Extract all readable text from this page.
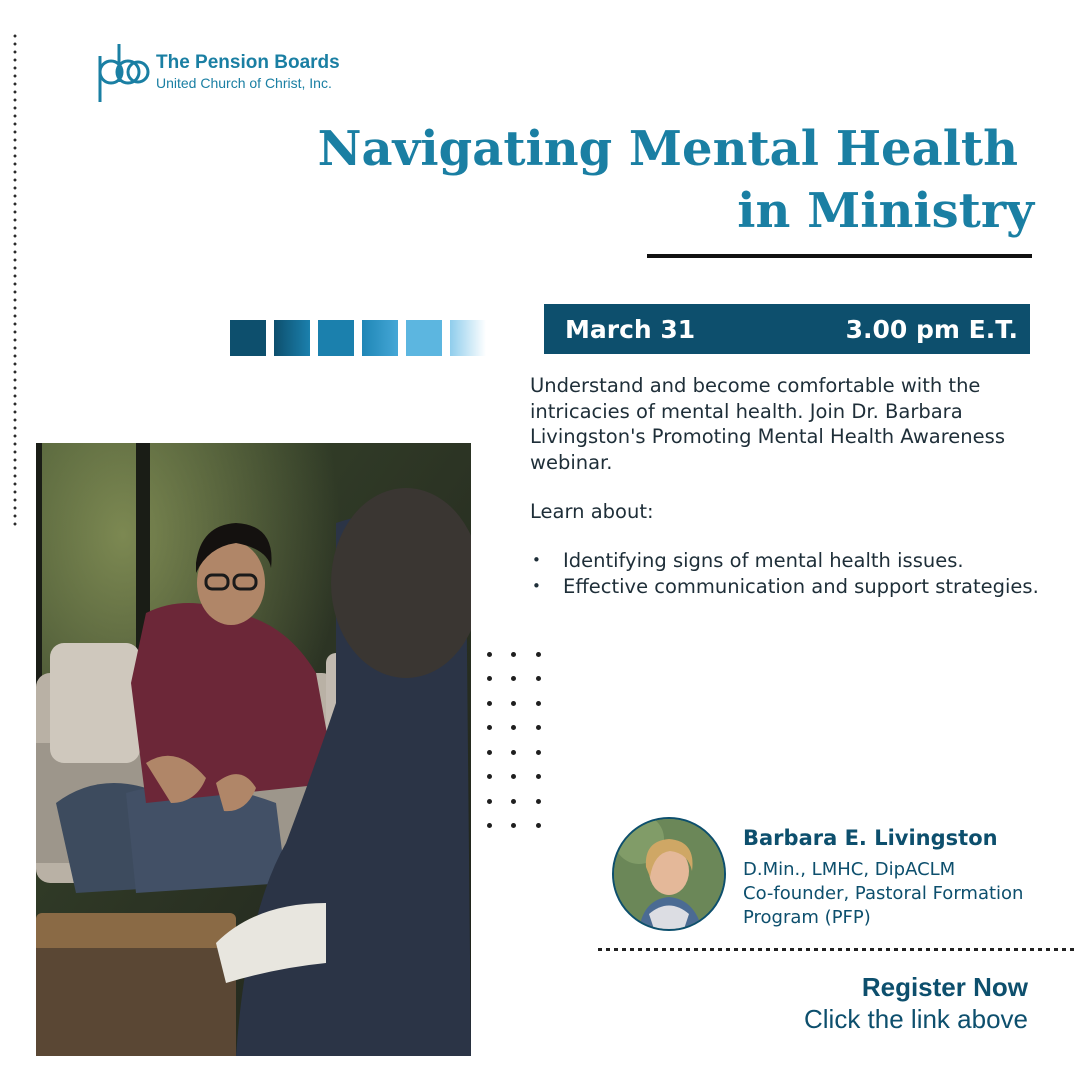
The Pension Boards
United Church of Christ, Inc.
Navigating Mental Health
in Ministry
March 31	3.00 pm E.T.

Understand and become comfortable with the intricacies of mental health. Join Dr. Barbara Livingston's Promoting Mental Health Awareness webinar.

Learn about:

• Identifying signs of mental health issues.
• Effective communication and support strategies.
Barbara E. Livingston
D.Min., LMHC, DipACLM
Co-founder, Pastoral Formation Program (PFP)
Register Now
Click the link above
